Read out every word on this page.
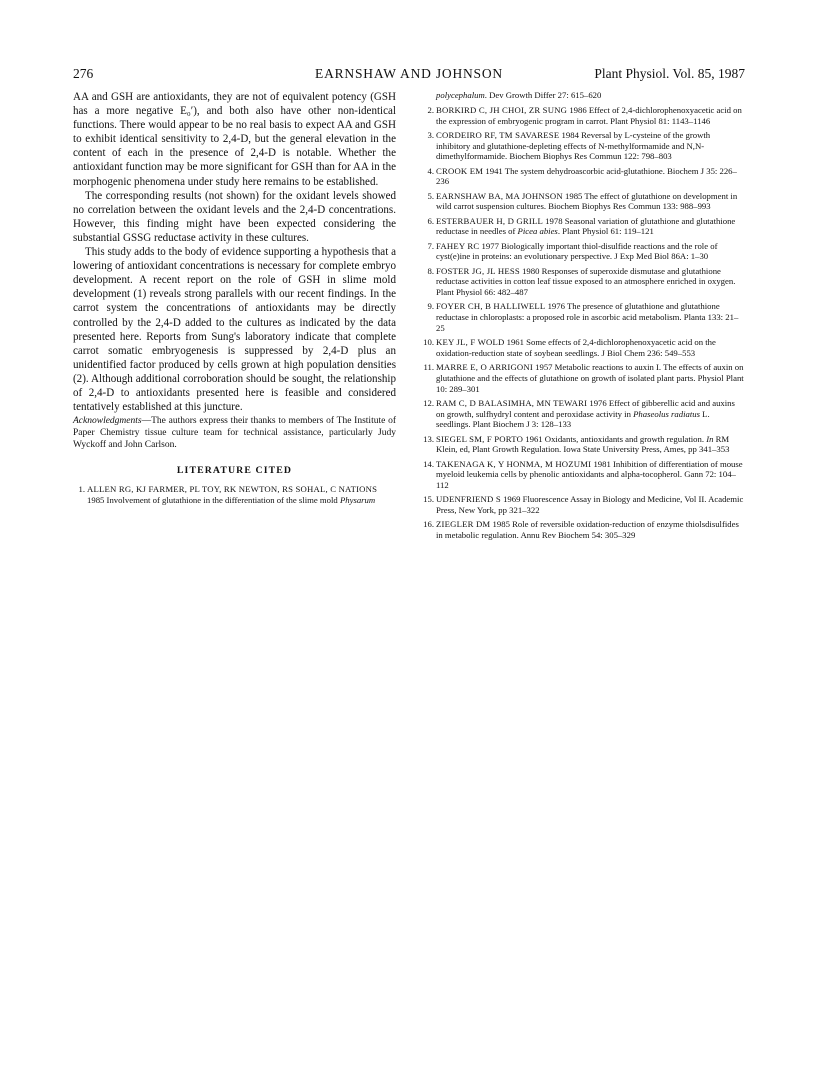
276	EARNSHAW AND JOHNSON	Plant Physiol. Vol. 85, 1987

AA and GSH are antioxidants, they are not of equivalent potency (GSH has a more negative E₀′), and both also have other non-identical functions. There would appear to be no real basis to expect AA and GSH to exhibit identical sensitivity to 2,4-D, but the general elevation in the content of each in the presence of 2,4-D is notable. Whether the antioxidant function may be more significant for GSH than for AA in the morphogenic phenomena under study here remains to be established.

The corresponding results (not shown) for the oxidant levels showed no correlation between the oxidant levels and the 2,4-D concentrations. However, this finding might have been expected considering the substantial GSSG reductase activity in these cultures.

This study adds to the body of evidence supporting a hypothesis that a lowering of antioxidant concentrations is necessary for complete embryo development. A recent report on the role of GSH in slime mold development (1) reveals strong parallels with our recent findings. In the carrot system the concentrations of antioxidants may be directly controlled by the 2,4-D added to the cultures as indicated by the data presented here. Reports from Sung's laboratory indicate that complete carrot somatic embryogenesis is suppressed by 2,4-D plus an unidentified factor produced by cells grown at high population densities (2). Although additional corroboration should be sought, the relationship of 2,4-D to antioxidants presented here is feasible and considered tentatively established at this juncture.

Acknowledgments—The authors express their thanks to members of The Institute of Paper Chemistry tissue culture team for technical assistance, particularly Judy Wyckoff and John Carlson.

LITERATURE CITED
1. ALLEN RG, KJ FARMER, PL TOY, RK NEWTON, RS SOHAL, C NATIONS 1985 Involvement of glutathione in the differentiation of the slime mold Physarum
polycephalum. Dev Growth Differ 27: 615–620
2. BORKIRD C, JH CHOI, ZR SUNG 1986 Effect of 2,4-dichlorophenoxyacetic acid on the expression of embryogenic program in carrot. Plant Physiol 81: 1143–1146
3. CORDEIRO RF, TM SAVARESE 1984 Reversal by L-cysteine of the growth inhibitory and glutathione-depleting effects of N-methylformamide and N,N-dimethylformamide. Biochem Biophys Res Commun 122: 798–803
4. CROOK EM 1941 The system dehydroascorbic acid-glutathione. Biochem J 35: 226–236
5. EARNSHAW BA, MA JOHNSON 1985 The effect of glutathione on development in wild carrot suspension cultures. Biochem Biophys Res Commun 133: 988–993
6. ESTERBAUER H, D GRILL 1978 Seasonal variation of glutathione and glutathione reductase in needles of Picea abies. Plant Physiol 61: 119–121
7. FAHEY RC 1977 Biologically important thiol-disulfide reactions and the role of cyst(e)ine in proteins: an evolutionary perspective. J Exp Med Biol 86A: 1–30
8. FOSTER JG, JL HESS 1980 Responses of superoxide dismutase and glutathione reductase activities in cotton leaf tissue exposed to an atmosphere enriched in oxygen. Plant Physiol 66: 482–487
9. FOYER CH, B HALLIWELL 1976 The presence of glutathione and glutathione reductase in chloroplasts: a proposed role in ascorbic acid metabolism. Planta 133: 21–25
10. KEY JL, F WOLD 1961 Some effects of 2,4-dichlorophenoxyacetic acid on the oxidation-reduction state of soybean seedlings. J Biol Chem 236: 549–553
11. MARRE E, O ARRIGONI 1957 Metabolic reactions to auxin I. The effects of auxin on glutathione and the effects of glutathione on growth of isolated plant parts. Physiol Plant 10: 289–301
12. RAM C, D BALASIMHA, MN TEWARI 1976 Effect of gibberellic acid and auxins on growth, sulfhydryl content and peroxidase activity in Phaseolus radiatus L. seedlings. Plant Biochem J 3: 128–133
13. SIEGEL SM, F PORTO 1961 Oxidants, antioxidants and growth regulation. In RM Klein, ed, Plant Growth Regulation. Iowa State University Press, Ames, pp 341–353
14. TAKENAGA K, Y HONMA, M HOZUMI 1981 Inhibition of differentiation of mouse myeloid leukemia cells by phenolic antioxidants and alpha-tocopherol. Gann 72: 104–112
15. UDENFRIEND S 1969 Fluorescence Assay in Biology and Medicine, Vol II. Academic Press, New York, pp 321–322
16. ZIEGLER DM 1985 Role of reversible oxidation-reduction of enzyme thiolsdisulfides in metabolic regulation. Annu Rev Biochem 54: 305–329
